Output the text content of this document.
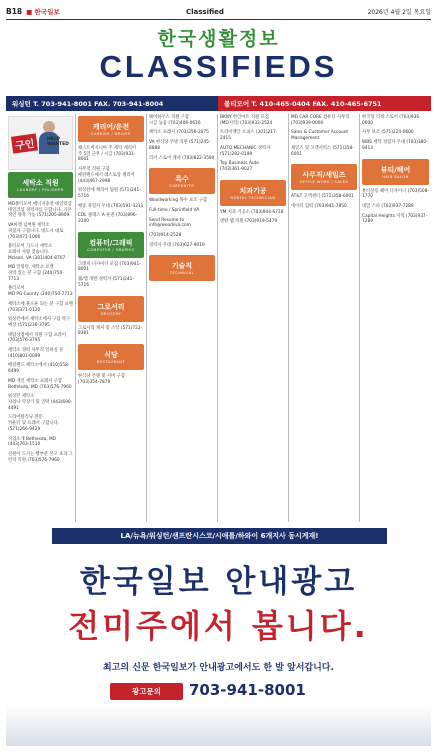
B18 ■ 한국일보	Classified	2026년 4월 2일 목요일
한국생활정보
CLASSIFIEDS
워싱턴 T. 703-941-8001 FAX. 703-941-8004	볼티모어 T. 410-465-0404 FAX. 410-465-6751
구인	HELP WANTED
세탁소 직원
LAUNDRY / POLISHER
MD볼티모어 에너지충전 테일러샵
테일러샵 경력자를 구합니다. 기본적인 양복 가능 (571)205-8909
VA마켓 넘버원 세탁소
경험자 구합니다. 대도시 대로 (703)471-1006
볼티모어 가드니 세탁소
프레서 사람 찾습니다.
Mclean, VA (301)404-8707
MD 알링턴, 세탁소 포켓
경력 있는 분 구함 (240)750-7713
볼티모어
MD PG County (240)750-7713
세탁소에 풀오운 되는 분 구함 프렌 (703)371-0120
워싱턴에서 세탁소에서 구함 탁구매장 (571)236-3795
테탑상점에서 직원 구함 프라이 (703)576-3795
세탁소 경력 사무직 일하실 분 (410)801-0099
메릴랜드 세탁소에서 (410)558-6499
MD 개인 세탁소 프레서 구함 Bethesda, MD (703)576-7960
워싱턴 세탁소
자리나 탁상가 및 연락 (443)690-4491
드라이클리닝 전문
카운터 및 프레서 구합니다. (571)266-9429
직업소개 Bethesda, MD (443)763-1510
신원이 드기는 빵부분 본고 초과 그런의 직원 (703)576-7960
캐리어/운전
CARRIER / DRIVER
웨스트버지니아 주 세탁 캐리어
주 5일 근무 / 시급 (703)931-8001
사무직 직원 구함
메릴랜드에서 레스토랑 캐리어 (443)467-2998
워싱턴에 캐리어 팀원 (571)241-5716
배송 경험자 우대 (703)591-3211
CDL 클래스 A 운전 (703)896-3140
컴퓨터/그래픽
COMPUTER / GRAPHIC
그래픽 디자이너 모집 (703)941-8001
웹/앱 개발 경력자 (571)241-5716
그로서리
GROCERY
그로서리 캐셔 및 스탁 (571)722-8381
식당
RESTAURANT
한식당 주방 및 서버 구함 (703)354-7879
웨어하우스 직원 구함
시급 높음 (703)406-0616
세탁소 프레서 (703)256-2075
VA 한식당 주방 직원 (571)245-8888
리커 스토어 캐셔 (703)822-3590
특수
CARPENTRY
Woodworking 목수 보조 구함
Full-time / Sprinfield VA
Send Resume to info@woodsva.com
(703)914-2528
경력자 우대 (703)627-9019
기술직
TECHNICAL
BKNY 한인마트 직원 모집
(MD지역) (703)933-2524
트라이앵글 오피스 (301)217-2415
AUTO MECHANIC 경력자 (571)282-0199
Top Business Auto
(703)361-9027
치과기공
DENTAL TECHNICIAN
YM 치과 기공소 (703)944-6718
덴탈 랩 직원 (703)919-5479
MD CAR CORE 컴퓨터 사무직 (703)939-0000
Sales & Customer Account Management
세일즈 및 고객서비스 (571)358-6001
사무직/세일즈
OFFICE WORK / SALES
AT&T 고객센터 (571)358-6001
데이터 입력 (703)941-7850
한국형 리쿼 스토어 (703)936-0000
사무 보조 (571)224-0600
WBS 세탁 경험자 우대 (703)380-9413
뷰티/헤어
HAIR SALON
뷰티살롱 헤어 디자이너 (703)508-1770
네일 스파 (703)937-7289
Capital Heights 지역 (703)937-7289
LA/뉴욕/워싱턴/샌프란시스코/시애틀/하와이 6개지사 동시게재!
한국일보 안내광고
전미주에서 봅니다.
최고의 신문 한국일보가 안내광고에서도 한 발 앞서갑니다.
광고문의	703-941-8001
